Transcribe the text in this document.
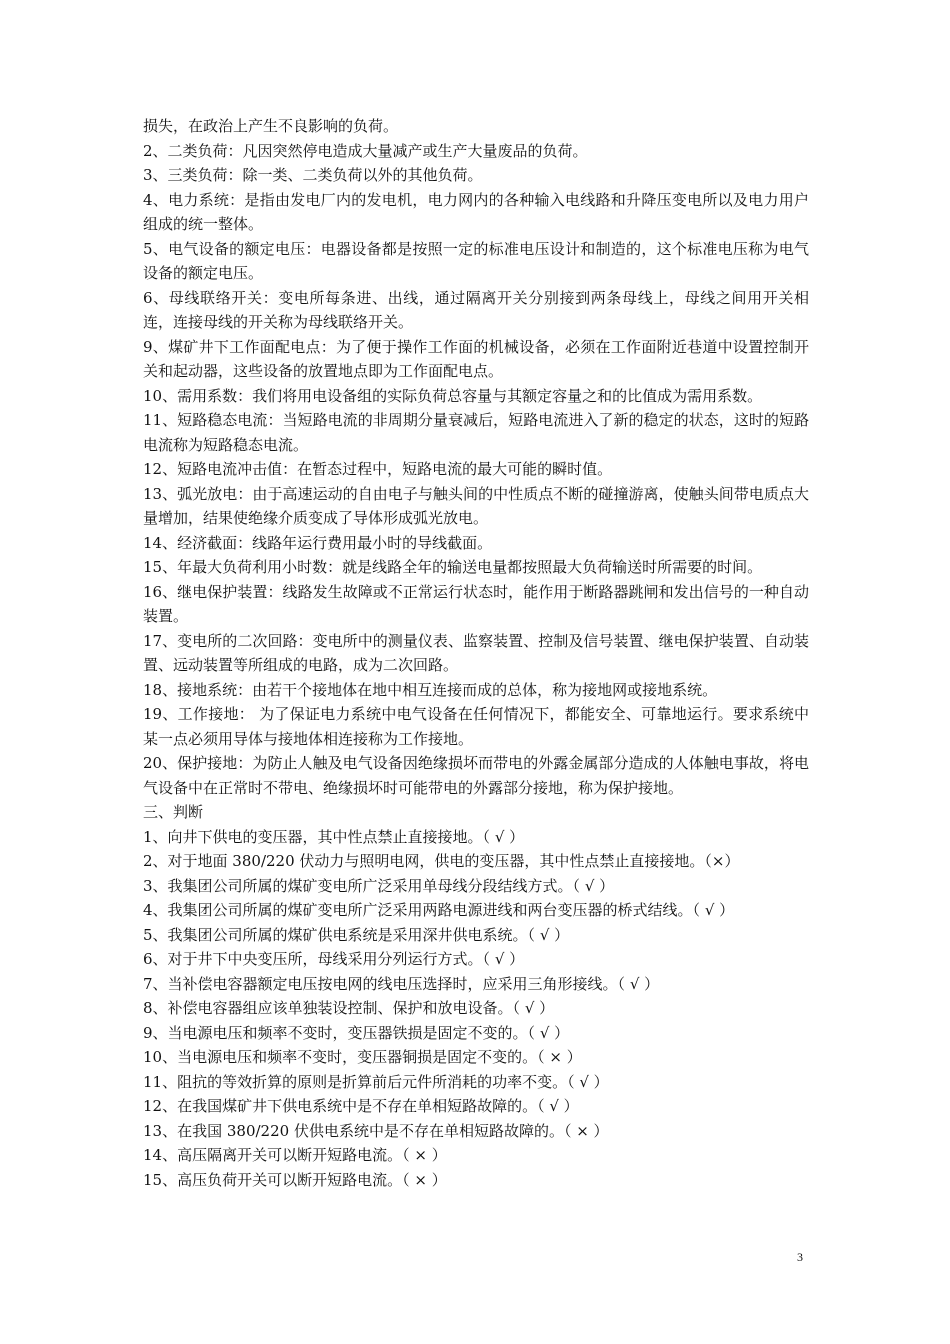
损失，在政治上产生不良影响的负荷。

2、二类负荷：凡因突然停电造成大量减产或生产大量废品的负荷。

3、三类负荷：除一类、二类负荷以外的其他负荷。

4、电力系统：是指由发电厂内的发电机，电力网内的各种输入电线路和升降压变电所以及电力用户组成的统一整体。

5、电气设备的额定电压：电器设备都是按照一定的标准电压设计和制造的，这个标准电压称为电气设备的额定电压。

6、母线联络开关：变电所每条进、出线，通过隔离开关分别接到两条母线上，母线之间用开关相连，连接母线的开关称为母线联络开关。

9、煤矿井下工作面配电点：为了便于操作工作面的机械设备，必须在工作面附近巷道中设置控制开关和起动器，这些设备的放置地点即为工作面配电点。

10、需用系数：我们将用电设备组的实际负荷总容量与其额定容量之和的比值成为需用系数。

11、短路稳态电流：当短路电流的非周期分量衰减后，短路电流进入了新的稳定的状态，这时的短路电流称为短路稳态电流。

12、短路电流冲击值：在暂态过程中，短路电流的最大可能的瞬时值。

13、弧光放电：由于高速运动的自由电子与触头间的中性质点不断的碰撞游离，使触头间带电质点大量增加，结果使绝缘介质变成了导体形成弧光放电。

14、经济截面：线路年运行费用最小时的导线截面。

15、年最大负荷利用小时数：就是线路全年的输送电量都按照最大负荷输送时所需要的时间。

16、继电保护装置：线路发生故障或不正常运行状态时，能作用于断路器跳闸和发出信号的一种自动装置。

17、变电所的二次回路：变电所中的测量仪表、监察装置、控制及信号装置、继电保护装置、自动装置、远动装置等所组成的电路，成为二次回路。

18、接地系统：由若干个接地体在地中相互连接而成的总体，称为接地网或接地系统。

19、工作接地： 为了保证电力系统中电气设备在任何情况下，都能安全、可靠地运行。要求系统中某一点必须用导体与接地体相连接称为工作接地。

20、保护接地：为防止人触及电气设备因绝缘损坏而带电的外露金属部分造成的人体触电事故，将电气设备中在正常时不带电、绝缘损坏时可能带电的外露部分接地，称为保护接地。

三、判断

1、向井下供电的变压器，其中性点禁止直接接地。（ √ ）

2、对于地面 380/220 伏动力与照明电网，供电的变压器，其中性点禁止直接接地。（×）

3、我集团公司所属的煤矿变电所广泛采用单母线分段结线方式。（ √ ）

4、我集团公司所属的煤矿变电所广泛采用两路电源进线和两台变压器的桥式结线。（ √ ）

5、我集团公司所属的煤矿供电系统是采用深井供电系统。（ √ ）

6、对于井下中央变压所，母线采用分列运行方式。（ √ ）

7、当补偿电容器额定电压按电网的线电压选择时，应采用三角形接线。（ √ ）

8、补偿电容器组应该单独装设控制、保护和放电设备。（ √ ）

9、当电源电压和频率不变时，变压器铁损是固定不变的。（ √ ）

10、当电源电压和频率不变时，变压器铜损是固定不变的。（ × ）

11、阻抗的等效折算的原则是折算前后元件所消耗的功率不变。（ √ ）

12、在我国煤矿井下供电系统中是不存在单相短路故障的。（ √ ）

13、在我国 380/220 伏供电系统中是不存在单相短路故障的。（ × ）

14、高压隔离开关可以断开短路电流。（ × ）

15、高压负荷开关可以断开短路电流。（ × ）

3
